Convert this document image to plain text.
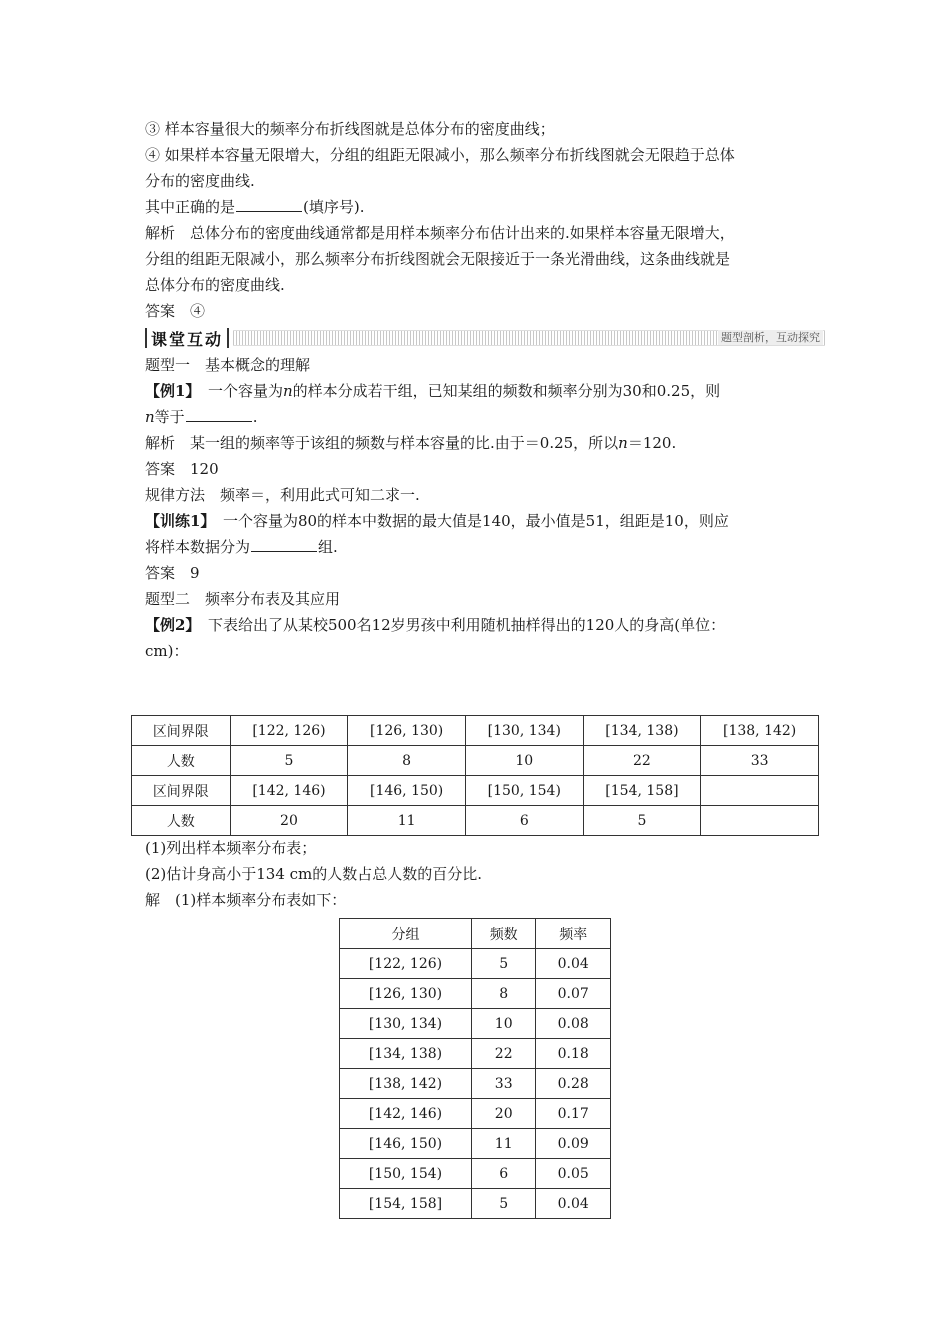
③ 样本容量很大的频率分布折线图就是总体分布的密度曲线；
④ 如果样本容量无限增大，分组的组距无限减小，那么频率分布折线图就会无限趋于总体
分布的密度曲线.
其中正确的是	(填序号).
解析　总体分布的密度曲线通常都是用样本频率分布估计出来的.如果样本容量无限增大，
分组的组距无限减小，那么频率分布折线图就会无限接近于一条光滑曲线，这条曲线就是
总体分布的密度曲线.
答案　④
课堂互动	题型剖析，互动探究
题型一　基本概念的理解
【例1】　一个容量为n的样本分成若干组，已知某组的频数和频率分别为30和0.25，则
n等于	.
解析　某一组的频率等于该组的频数与样本容量的比.由于＝0.25，所以n＝120.
答案　120
规律方法　频率＝，利用此式可知二求一.
【训练1】　一个容量为80的样本中数据的最大值是140，最小值是51，组距是10，则应
将样本数据分为	组.
答案　9
题型二　频率分布表及其应用
【例2】　下表给出了从某校500名12岁男孩中利用随机抽样得出的120人的身高(单位：
cm)：
区间界限	[122, 126)	[126, 130)	[130, 134)	[134, 138)	[138, 142)
人数	5	8	10	22	33
区间界限	[142, 146)	[146, 150)	[150, 154)	[154, 158]	
人数	20	11	6	5	
(1)列出样本频率分布表；
(2)估计身高小于134 cm的人数占总人数的百分比.
解　(1)样本频率分布表如下：
分组	频数	频率
[122, 126)	5	0.04
[126, 130)	8	0.07
[130, 134)	10	0.08
[134, 138)	22	0.18
[138, 142)	33	0.28
[142, 146)	20	0.17
[146, 150)	11	0.09
[150, 154)	6	0.05
[154, 158]	5	0.04
